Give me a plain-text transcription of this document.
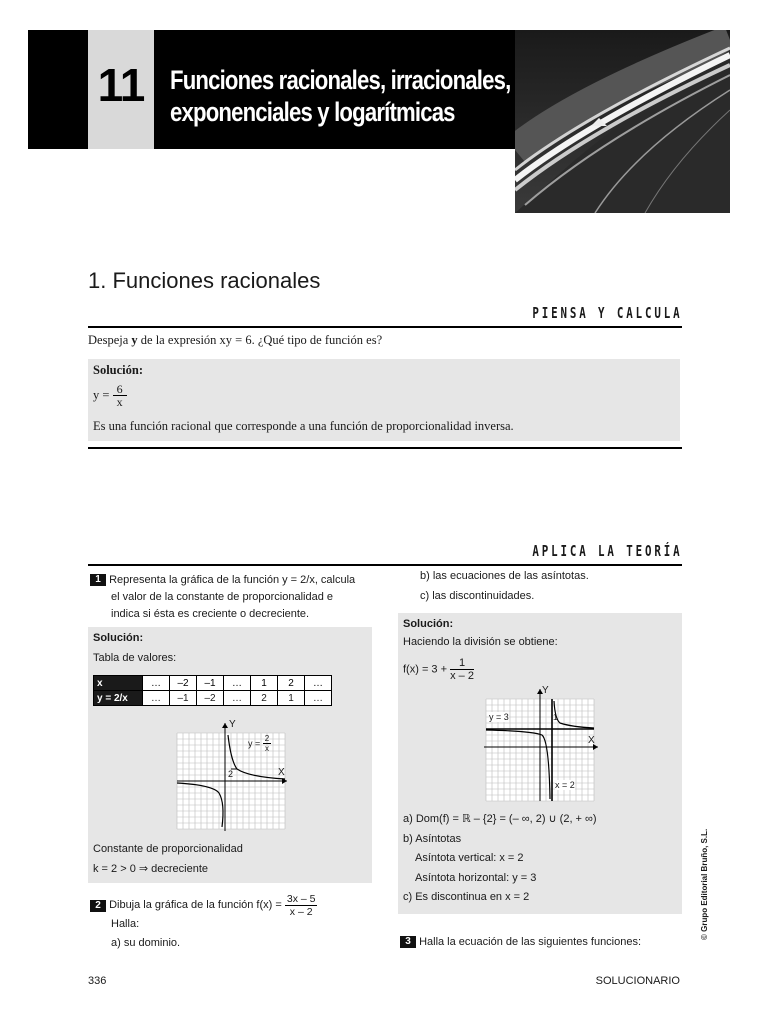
11 Funciones racionales, irracionales,
exponenciales y logarítmicas
1. Funciones racionales
PIENSA Y CALCULA
Despeja y de la expresión xy = 6. ¿Qué tipo de función es?
Solución:
$y = \frac{6}{x}$
Es una función racional que corresponde a una función de proporcionalidad inversa.
APLICA LA TEORÍA
1 Representa la gráfica de la función y = 2/x, calcula
el valor de la constante de proporcionalidad e
indica si ésta es creciente o decreciente.
Solución:
Tabla de valores:
x	…	–2	–1	…	1	2	…
y = 2/x	…	–1	–2	…	2	1	…
Y
X
2
$y = \frac{2}{x}$
Constante de proporcionalidad
k = 2 > 0 ⇒ decreciente
2 Dibuja la gráfica de la función $f(x) = \frac{3x - 5}{x - 2}$
Halla:
a) su dominio.
b) las ecuaciones de las asíntotas.
c) las discontinuidades.
Solución:
Haciendo la división se obtiene:
$f(x) = 3 + \frac{1}{x - 2}$
Y
X
y = 3
x = 2
1
a) Dom(f) = ℝ – {2} = (– ∞, 2) ∪ (2, + ∞)
b) Asíntotas
Asíntota vertical: x = 2
Asíntota horizontal: y = 3
c) Es discontinua en x = 2
3 Halla la ecuación de las siguientes funciones:
336	SOLUCIONARIO
© Grupo Editorial Bruño, S.L.
